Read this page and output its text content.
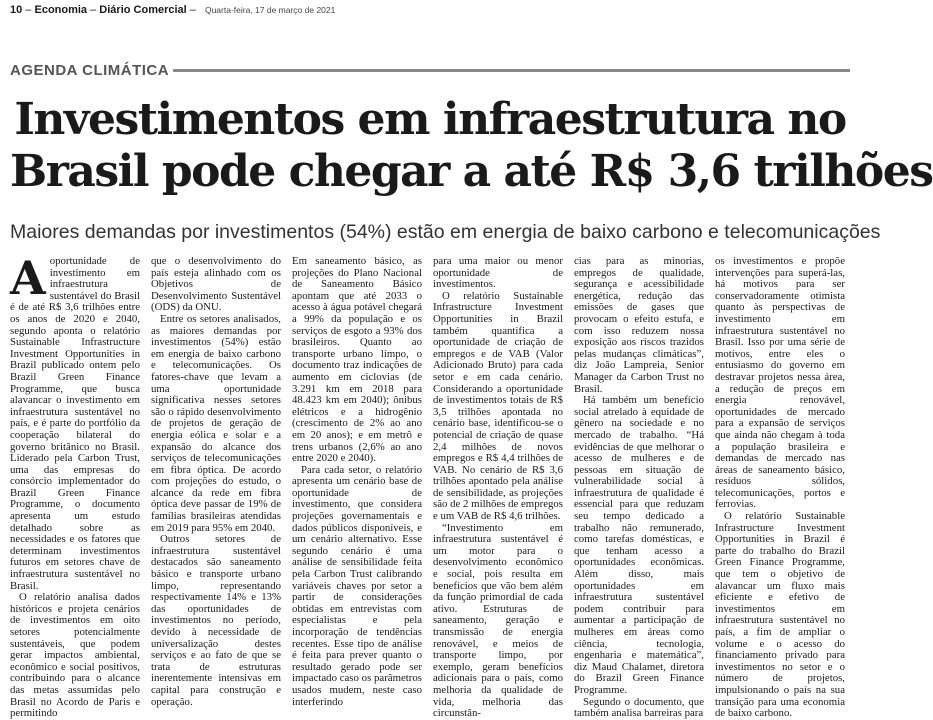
10 – Economia – Diário Comercial – Quarta-feira, 17 de março de 2021
AGENDA CLIMÁTICA
Investimentos em infraestrutura no
Brasil pode chegar a até R$ 3,6 trilhões
Maiores demandas por investimentos (54%) estão em energia de baixo carbono e telecomunicações

Aoportunidade de investimento em infraestrutura sustentável do Brasil é de até R$ 3,6 trilhões entre os anos de 2020 e 2040, segundo aponta o relatório Sustainable Infrastructure Investment Opportunities in Brazil publicado ontem pelo Brazil Green Finance Programme, que busca alavancar o investimento em infraestrutura sustentável no país, e é parte do portfólio da cooperação bilateral do governo britânico no Brasil. Liderado pela Carbon Trust, uma das empresas do consórcio implementador do Brazil Green Finance Programme, o documento apresenta um estudo detalhado sobre as necessidades e os fatores que determinam investimentos futuros em setores chave de infraestrutura sustentável no Brasil.

O relatório analisa dados históricos e projeta cenários de investimentos em oito setores potencialmente sustentáveis, que podem gerar impactos ambiental, econômico e social positivos, contribuindo para o alcance das metas assumidas pelo Brasil no Acordo de Paris e permitindo

que o desenvolvimento do país esteja alinhado com os Objetivos de Desenvolvimento Sustentável (ODS) da ONU.

Entre os setores analisados, as maiores demandas por investimentos (54%) estão em energia de baixo carbono e telecomunicações. Os fatores-chave que levam a uma oportunidade significativa nesses setores são o rápido desenvolvimento de projetos de geração de energia eólica e solar e a expansão do alcance dos serviços de telecomunicações em fibra óptica. De acordo com projeções do estudo, o alcance da rede em fibra óptica deve passar de 19% de famílias brasileiras atendidas em 2019 para 95% em 2040.

Outros setores de infraestrutura sustentável destacados são saneamento básico e transporte urbano limpo, representando respectivamente 14% e 13% das oportunidades de investimentos no período, devido à necessidade de universalização destes serviços e ao fato de que se trata de estruturas inerentemente intensivas em capital para construção e operação.

Em saneamento básico, as projeções do Plano Nacional de Saneamento Básico apontam que até 2033 o acesso à água potável chegará a 99% da população e os serviços de esgoto a 93% dos brasileiros. Quanto ao transporte urbano limpo, o documento traz indicações de aumento em ciclovias (de 3.291 km em 2018 para 48.423 km em 2040); ônibus elétricos e a hidrogênio (crescimento de 2% ao ano em 20 anos); e em metrô e trens urbanos (2,6% ao ano entre 2020 e 2040).

Para cada setor, o relatório apresenta um cenário base de oportunidade de investimento, que considera projeções governamentais e dados públicos disponíveis, e um cenário alternativo. Esse segundo cenário é uma análise de sensibilidade feita pela Carbon Trust calibrando variáveis chaves por setor a partir de considerações obtidas em entrevistas com especialistas e pela incorporação de tendências recentes. Esse tipo de análise é feita para prever quanto o resultado gerado pode ser impactado caso os parâmetros usados mudem, neste caso interferindo

para uma maior ou menor oportunidade de investimentos.

O relatório Sustainable Infrastructure Investment Opportunities in Brazil também quantifica a oportunidade de criação de empregos e de VAB (Valor Adicionado Bruto) para cada setor e em cada cenário. Considerando a oportunidade de investimentos totais de R$ 3,5 trilhões apontada no cenário base, identificou-se o potencial de criação de quase 2,4 milhões de novos empregos e R$ 4,4 trilhões de VAB. No cenário de R$ 3,6 trilhões apontado pela análise de sensibilidade, as projeções são de 2 milhões de empregos e um VAB de R$ 4,6 trilhões.

“Investimento em infraestrutura sustentável é um motor para o desenvolvimento econômico e social, pois resulta em benefícios que vão bem além da função primordial de cada ativo. Estruturas de saneamento, geração e transmissão de energia renovável, e meios de transporte limpo, por exemplo, geram benefícios adicionais para o país, como melhoria da qualidade de vida, melhoria das circunstân-

cias para as minorias, empregos de qualidade, segurança e acessibilidade energética, redução das emissões de gases que provocam o efeito estufa, e com isso reduzem nossa exposição aos riscos trazidos pelas mudanças climáticas”, diz João Lampreia, Senior Manager da Carbon Trust no Brasil.

Há também um benefício social atrelado à equidade de gênero na sociedade e no mercado de trabalho. “Há evidências de que melhorar o acesso de mulheres e de pessoas em situação de vulnerabilidade social à infraestrutura de qualidade é essencial para que reduzam seu tempo dedicado a trabalho não remunerado, como tarefas domésticas, e que tenham acesso a oportunidades econômicas. Além disso, mais oportunidades em infraestrutura sustentável podem contribuir para aumentar a participação de mulheres em áreas como ciência, tecnologia, engenharia e matemática”, diz Maud Chalamet, diretora do Brazil Green Finance Programme.

Segundo o documento, que também analisa barreiras para

os investimentos e propõe intervenções para superá-las, há motivos para ser conservadoramente otimista quanto às perspectivas de investimento em infraestrutura sustentável no Brasil. Isso por uma série de motivos, entre eles o entusiasmo do governo em destravar projetos nessa área, a redução de preços em energia renovável, oportunidades de mercado para a expansão de serviços que ainda não chegam à toda a população brasileira e demandas de mercado nas áreas de saneamento básico, resíduos sólidos, telecomunicações, portos e ferrovias.

O relatório Sustainable Infrastructure Investment Opportunities in Brazil é parte do trabalho do Brazil Green Finance Programme, que tem o objetivo de alavancar um fluxo mais eficiente e efetivo de investimentos em infraestrutura sustentável no país, a fim de ampliar o volume e o acesso do financiamento privado para investimentos no setor e o número de projetos, impulsionando o país na sua transição para uma economia de baixo carbono.
